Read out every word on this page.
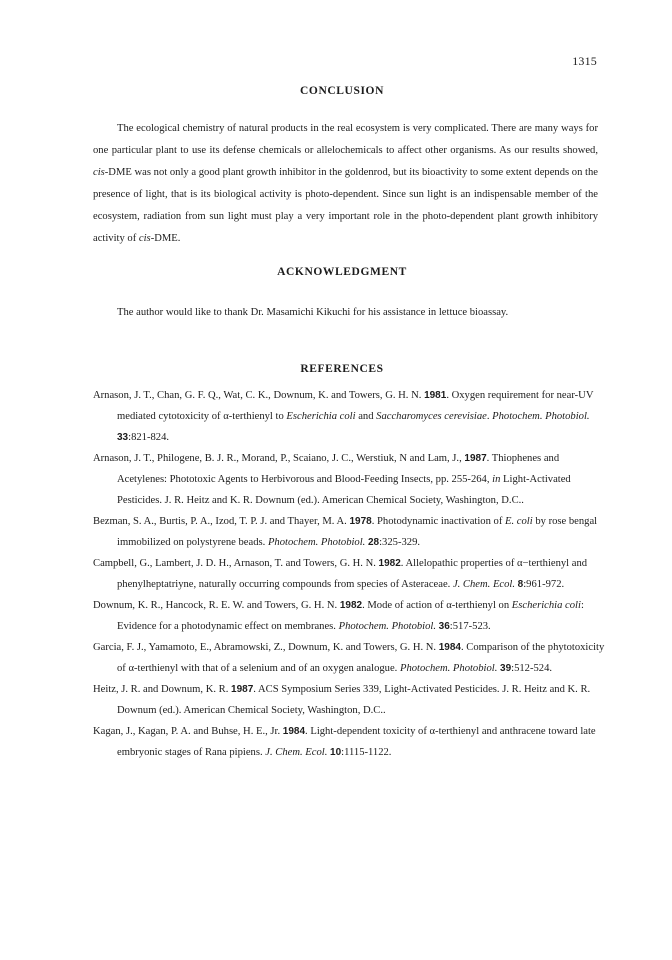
1315
CONCLUSION

The ecological chemistry of natural products in the real ecosystem is very complicated. There are many ways for one particular plant to use its defense chemicals or allelochemicals to affect other organisms. As our results showed, cis-DME was not only a good plant growth inhibitor in the goldenrod, but its bioactivity to some extent depends on the presence of light, that is its biological activity is photo-dependent. Since sun light is an indispensable member of the ecosystem, radiation from sun light must play a very important role in the photo-dependent plant growth inhibitory activity of cis-DME.

ACKNOWLEDGMENT

The author would like to thank Dr. Masamichi Kikuchi for his assistance in lettuce bioassay.

REFERENCES
Arnason, J. T., Chan, G. F. Q., Wat, C. K., Downum, K. and Towers, G. H. N. 1981. Oxygen requirement for near-UV mediated cytotoxicity of α-terthienyl to Escherichia coli and Saccharomyces cerevisiae. Photochem. Photobiol. 33:821-824.
Arnason, J. T., Philogene, B. J. R., Morand, P., Scaiano, J. C., Werstiuk, N and Lam, J., 1987. Thiophenes and Acetylenes: Phototoxic Agents to Herbivorous and Blood-Feeding Insects, pp. 255-264, in Light-Activated Pesticides. J. R. Heitz and K. R. Downum (ed.). American Chemical Society, Washington, D.C..
Bezman, S. A., Burtis, P. A., Izod, T. P. J. and Thayer, M. A. 1978. Photodynamic inactivation of E. coli by rose bengal immobilized on polystyrene beads. Photochem. Photobiol. 28:325-329.
Campbell, G., Lambert, J. D. H., Arnason, T. and Towers, G. H. N. 1982. Allelopathic properties of α−terthienyl and phenylheptatriyne, naturally occurring compounds from species of Asteraceae. J. Chem. Ecol. 8:961-972.
Downum, K. R., Hancock, R. E. W. and Towers, G. H. N. 1982. Mode of action of α-terthienyl on Escherichia coli: Evidence for a photodynamic effect on membranes. Photochem. Photobiol. 36:517-523.
Garcia, F. J., Yamamoto, E., Abramowski, Z., Downum, K. and Towers, G. H. N. 1984. Comparison of the phytotoxicity of α-terthienyl with that of a selenium and of an oxygen analogue. Photochem. Photobiol. 39:512-524.
Heitz, J. R. and Downum, K. R. 1987. ACS Symposium Series 339, Light-Activated Pesticides. J. R. Heitz and K. R. Downum (ed.). American Chemical Society, Washington, D.C..
Kagan, J., Kagan, P. A. and Buhse, H. E., Jr. 1984. Light-dependent toxicity of α-terthienyl and anthracene toward late embryonic stages of Rana pipiens. J. Chem. Ecol. 10:1115-1122.
